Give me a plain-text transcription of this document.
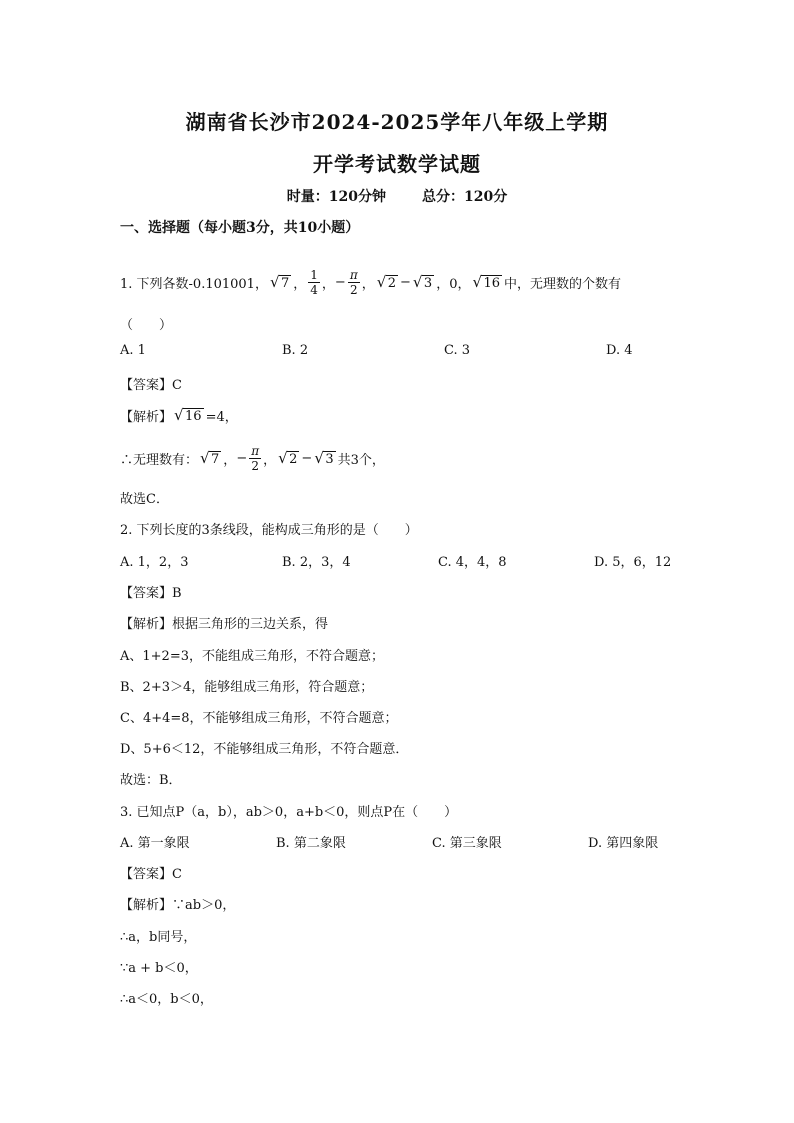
湖南省长沙市2024-2025学年八年级上学期
开学考试数学试题
时量：120分钟	总分：120分
一、选择题（每小题3分，共10小题）
1. 下列各数-0.101001，	√ 7 ， $\frac{1}{4}$ ， − $\frac{\pi}{2}$ ，	√ 2 −	√ 3 ，0，	√ 16 中，无理数的个数有
（　　）
A. 1	B. 2	C. 3	D. 4
【答案】C
【解析】	√ 16 =4，
∴无理数有：	√ 7 ， − $\frac{\pi}{2}$ ，	√ 2 −	√ 3 共3个，
故选C．
2. 下列长度的3条线段，能构成三角形的是（　　）
A. 1，2，3	B. 2，3，4	C. 4，4，8	D. 5，6，12
【答案】B
【解析】根据三角形的三边关系，得
A、1+2=3，不能组成三角形，不符合题意；
B、2+3＞4，能够组成三角形，符合题意；
C、4+4=8，不能够组成三角形，不符合题意；
D、5+6＜12，不能够组成三角形，不符合题意．
故选：B．
3. 已知点P（a，b），ab＞0，a+b＜0，则点P在（　　）
A. 第一象限	B. 第二象限	C. 第三象限	D. 第四象限
【答案】C
【解析】∵ab＞0，
∴a，b同号，
∵a + b＜0，
∴a＜0，b＜0，
